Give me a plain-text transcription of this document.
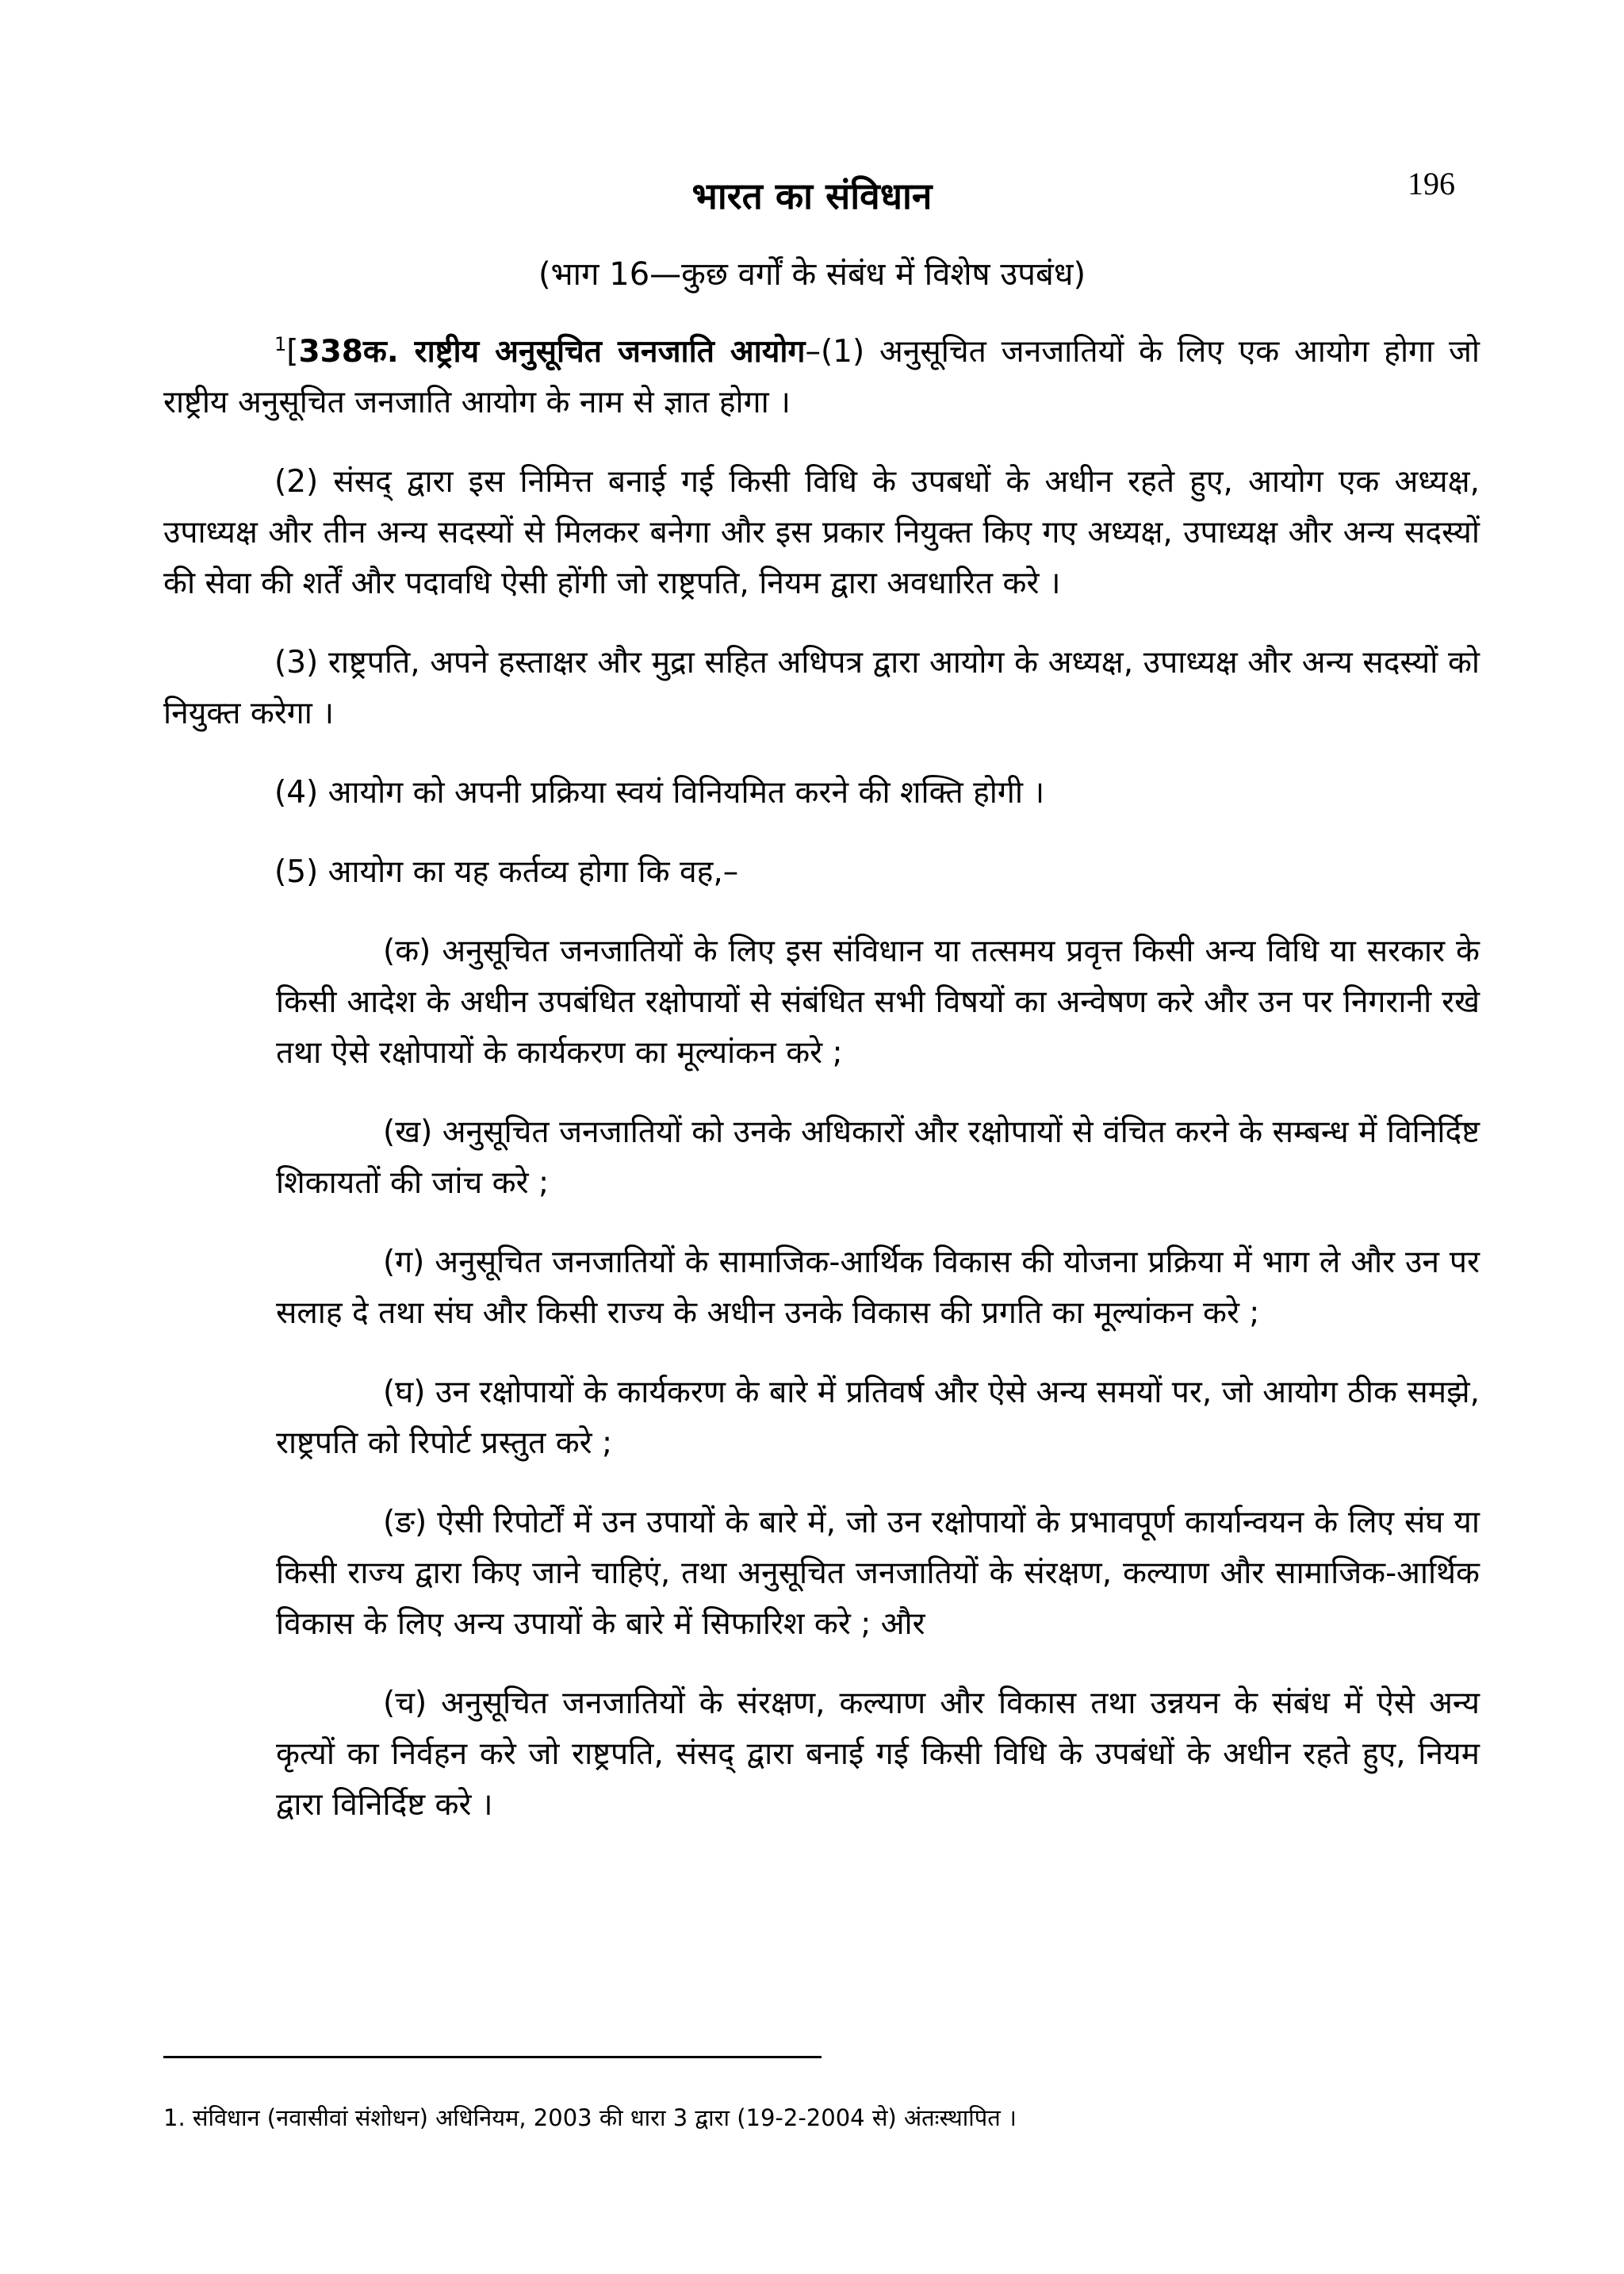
196
भारत का संविधान
(भाग 16—कुछ वर्गों के संबंध में विशेष उपबंध)

$^1$[338क. राष्ट्रीय अनुसूचित जनजाति आयोग–(1) अनुसूचित जनजातियों के लिए एक आयोग होगा जो राष्ट्रीय अनुसूचित जनजाति आयोग के नाम से ज्ञात होगा ।

(2) संसद् द्वारा इस निमित्त बनाई गई किसी विधि के उपबधों के अधीन रहते हुए, आयोग एक अध्यक्ष, उपाध्यक्ष और तीन अन्य सदस्यों से मिलकर बनेगा और इस प्रकार नियुक्त किए गए अध्यक्ष, उपाध्यक्ष और अन्य सदस्यों की सेवा की शर्तें और पदावधि ऐसी होंगी जो राष्ट्रपति, नियम द्वारा अवधारित करे ।

(3) राष्ट्रपति, अपने हस्ताक्षर और मुद्रा सहित अधिपत्र द्वारा आयोग के अध्यक्ष, उपाध्यक्ष और अन्य सदस्यों को नियुक्त करेगा ।

(4) आयोग को अपनी प्रक्रिया स्वयं विनियमित करने की शक्ति होगी ।

(5) आयोग का यह कर्तव्य होगा कि वह,–

(क) अनुसूचित जनजातियों के लिए इस संविधान या तत्समय प्रवृत्त किसी अन्य विधि या सरकार के किसी आदेश के अधीन उपबंधित रक्षोपायों से संबंधित सभी विषयों का अन्वेषण करे और उन पर निगरानी रखे तथा ऐसे रक्षोपायों के कार्यकरण का मूल्यांकन करे ;

(ख) अनुसूचित जनजातियों को उनके अधिकारों और रक्षोपायों से वंचित करने के सम्बन्ध में विनिर्दिष्ट शिकायतों की जांच करे ;

(ग) अनुसूचित जनजातियों के सामाजिक-आर्थिक विकास की योजना प्रक्रिया में भाग ले और उन पर सलाह दे तथा संघ और किसी राज्य के अधीन उनके विकास की प्रगति का मूल्यांकन करे ;

(घ) उन रक्षोपायों के कार्यकरण के बारे में प्रतिवर्ष और ऐसे अन्य समयों पर, जो आयोग ठीक समझे, राष्ट्रपति को रिपोर्ट प्रस्तुत करे ;

(ङ) ऐसी रिपोर्टों में उन उपायों के बारे में, जो उन रक्षोपायों के प्रभावपूर्ण कार्यान्वयन के लिए संघ या किसी राज्य द्वारा किए जाने चाहिएं, तथा अनुसूचित जनजातियों के संरक्षण, कल्याण और सामाजिक-आर्थिक विकास के लिए अन्य उपायों के बारे में सिफारिश करे ; और

(च) अनुसूचित जनजातियों के संरक्षण, कल्याण और विकास तथा उन्नयन के संबंध में ऐसे अन्य कृत्यों का निर्वहन करे जो राष्ट्रपति, संसद् द्वारा बनाई गई किसी विधि के उपबंधों के अधीन रहते हुए, नियम द्वारा विनिर्दिष्ट करे ।

1. संविधान (नवासीवां संशोधन) अधिनियम, 2003 की धारा 3 द्वारा (19-2-2004 से) अंतःस्थापित ।
